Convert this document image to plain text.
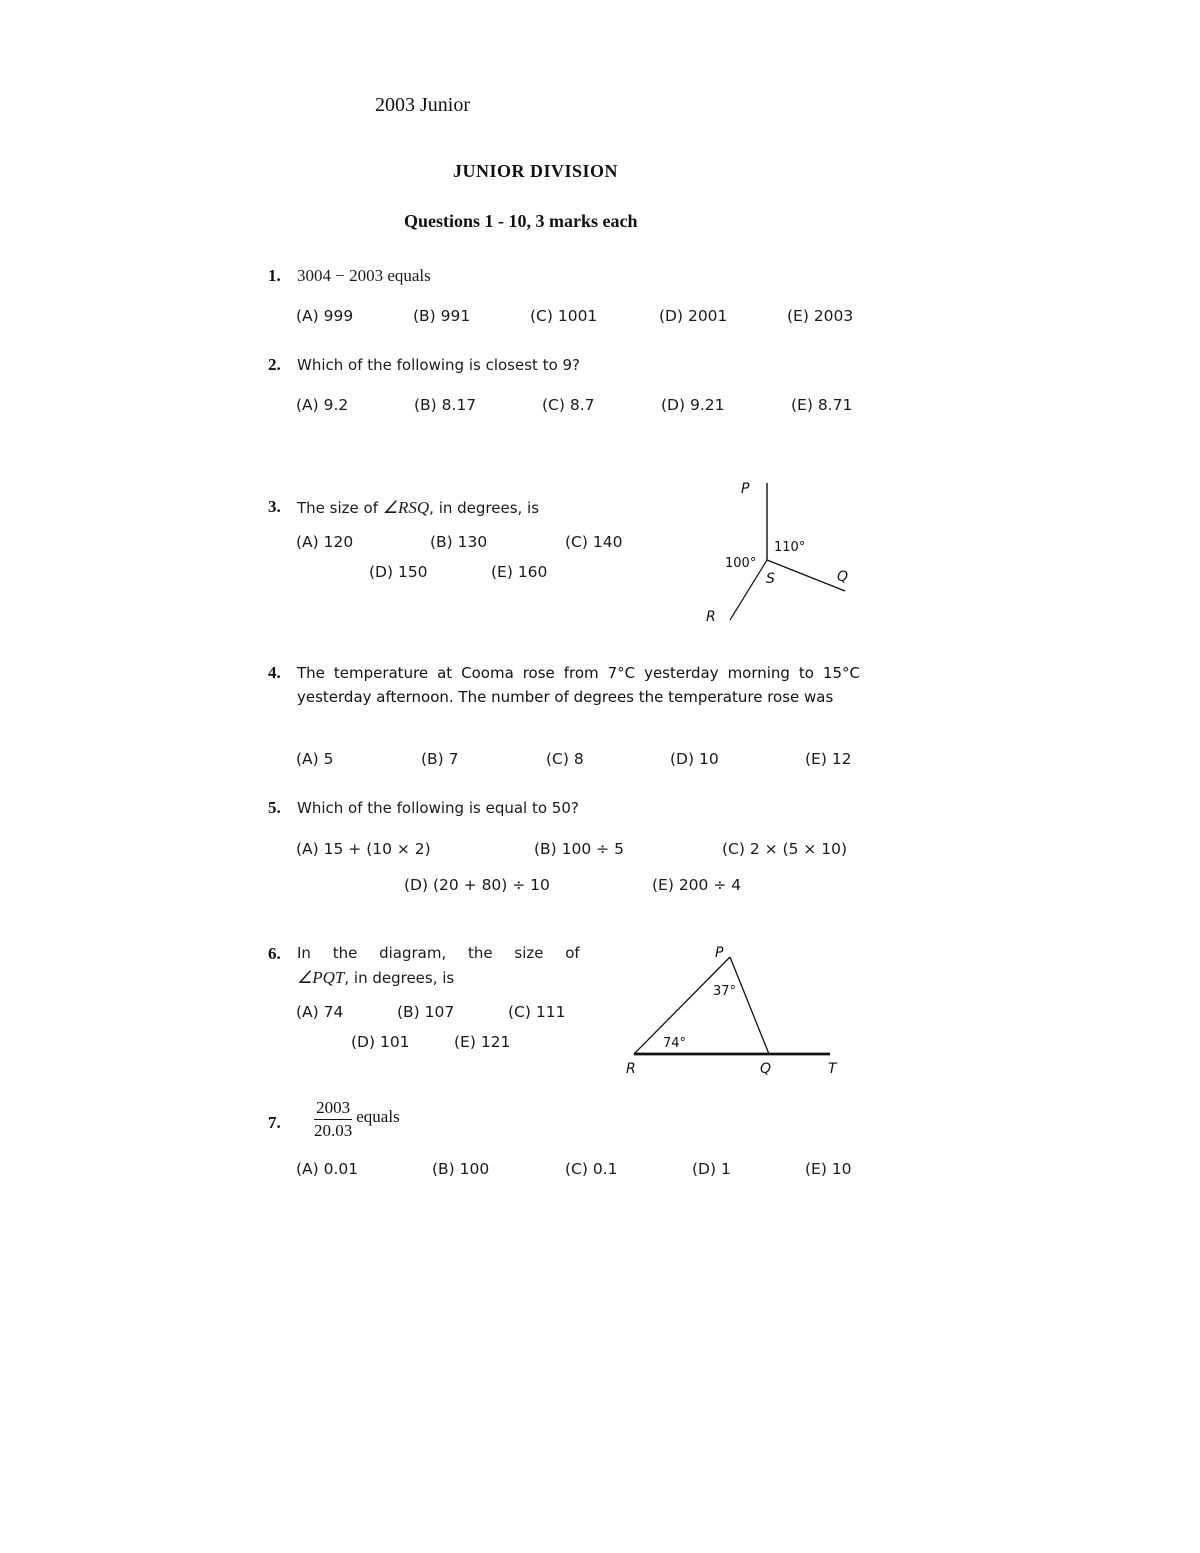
2003 Junior
JUNIOR DIVISION
Questions 1 - 10, 3 marks each
1. 3004 − 2003 equals
(A) 999	(B) 991	(C) 1001	(D) 2001	(E) 2003
2. Which of the following is closest to 9?
(A) 9.2	(B) 8.17	(C) 8.7	(D) 9.21	(E) 8.71
3. The size of ∠RSQ, in degrees, is
(A) 120	(B) 130	(C) 140
(D) 150	(E) 160
P
S	Q
R
110°
100°
4. The temperature at Cooma rose from 7°C yesterday morning to 15°C yesterday afternoon. The number of degrees the temperature rose was
(A) 5	(B) 7	(C) 8	(D) 10	(E) 12
5. Which of the following is equal to 50?
(A) 15 + (10 × 2)	(B) 100 ÷ 5	(C) 2 × (5 × 10)
(D) (20 + 80) ÷ 10	(E) 200 ÷ 4
6. In the diagram, the size of
∠PQT, in degrees, is
(A) 74	(B) 107	(C) 111
(D) 101	(E) 121
P
R	Q	T
37°
74°
7. $\frac{2003}{20.03}$ equals
(A) 0.01	(B) 100	(C) 0.1	(D) 1	(E) 10
